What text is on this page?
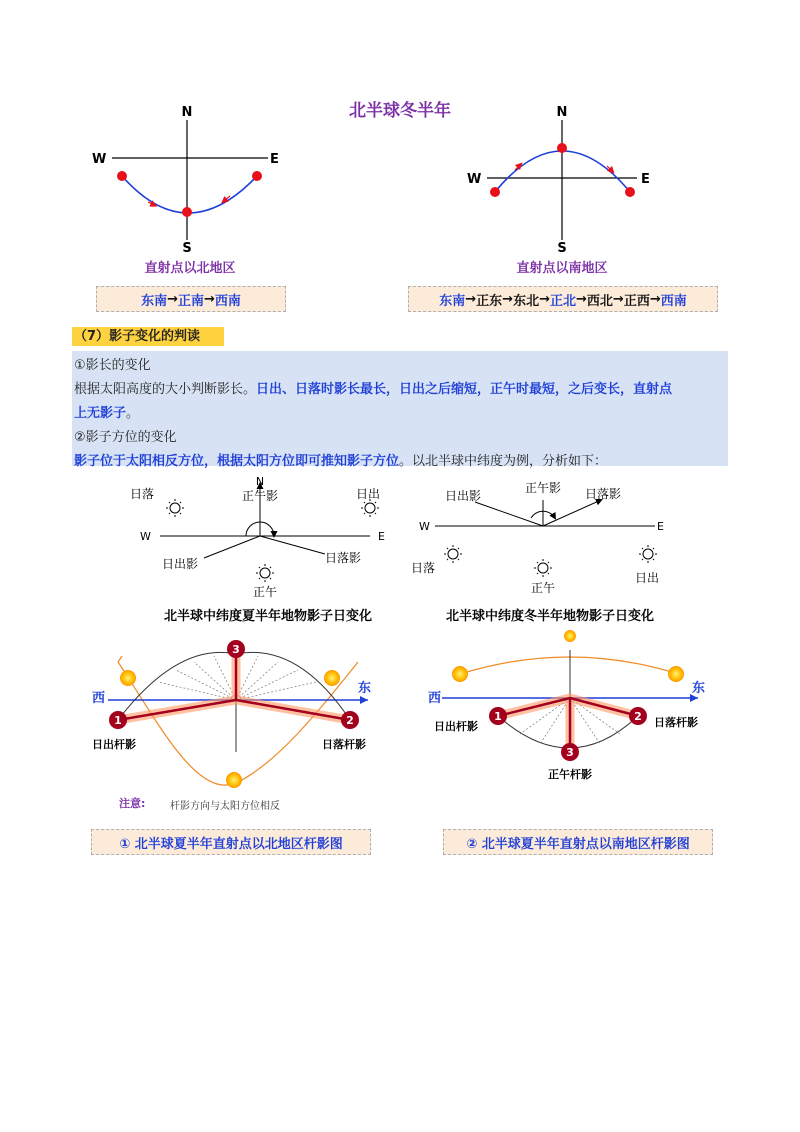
北半球冬半年
N
S
W	E
直射点以北地区
东南 → 正南 → 西南
N
S
W	E
直射点以南地区
东南 → 正东 → 东北 → 正北 → 西北 → 正西 → 西南
（7）影子变化的判读
①影长的变化
根据太阳高度的大小判断影长。日出、日落时影长最长，日出之后缩短，正午时最短，之后变长，直射点
上无影子。
②影子方位的变化
影子位于太阳相反方位，根据太阳方位即可推知影子方位。以北半球中纬度为例，分析如下：
N
正午影
日落	日出
W	E
日出影	日落影
正午
北半球中纬度夏半年地物影子日变化
日出影
正午影 日落影
W	E
日落
正午
日出
北半球中纬度冬半年地物影子日变化
1	2
3
西
东
日出杆影	日落杆影
注意: 杆影方向与太阳方位相反
1	2
3
西
东
日出杆影	日落杆影
正午杆影
① 北半球夏半年直射点以北地区杆影图	② 北半球夏半年直射点以南地区杆影图
